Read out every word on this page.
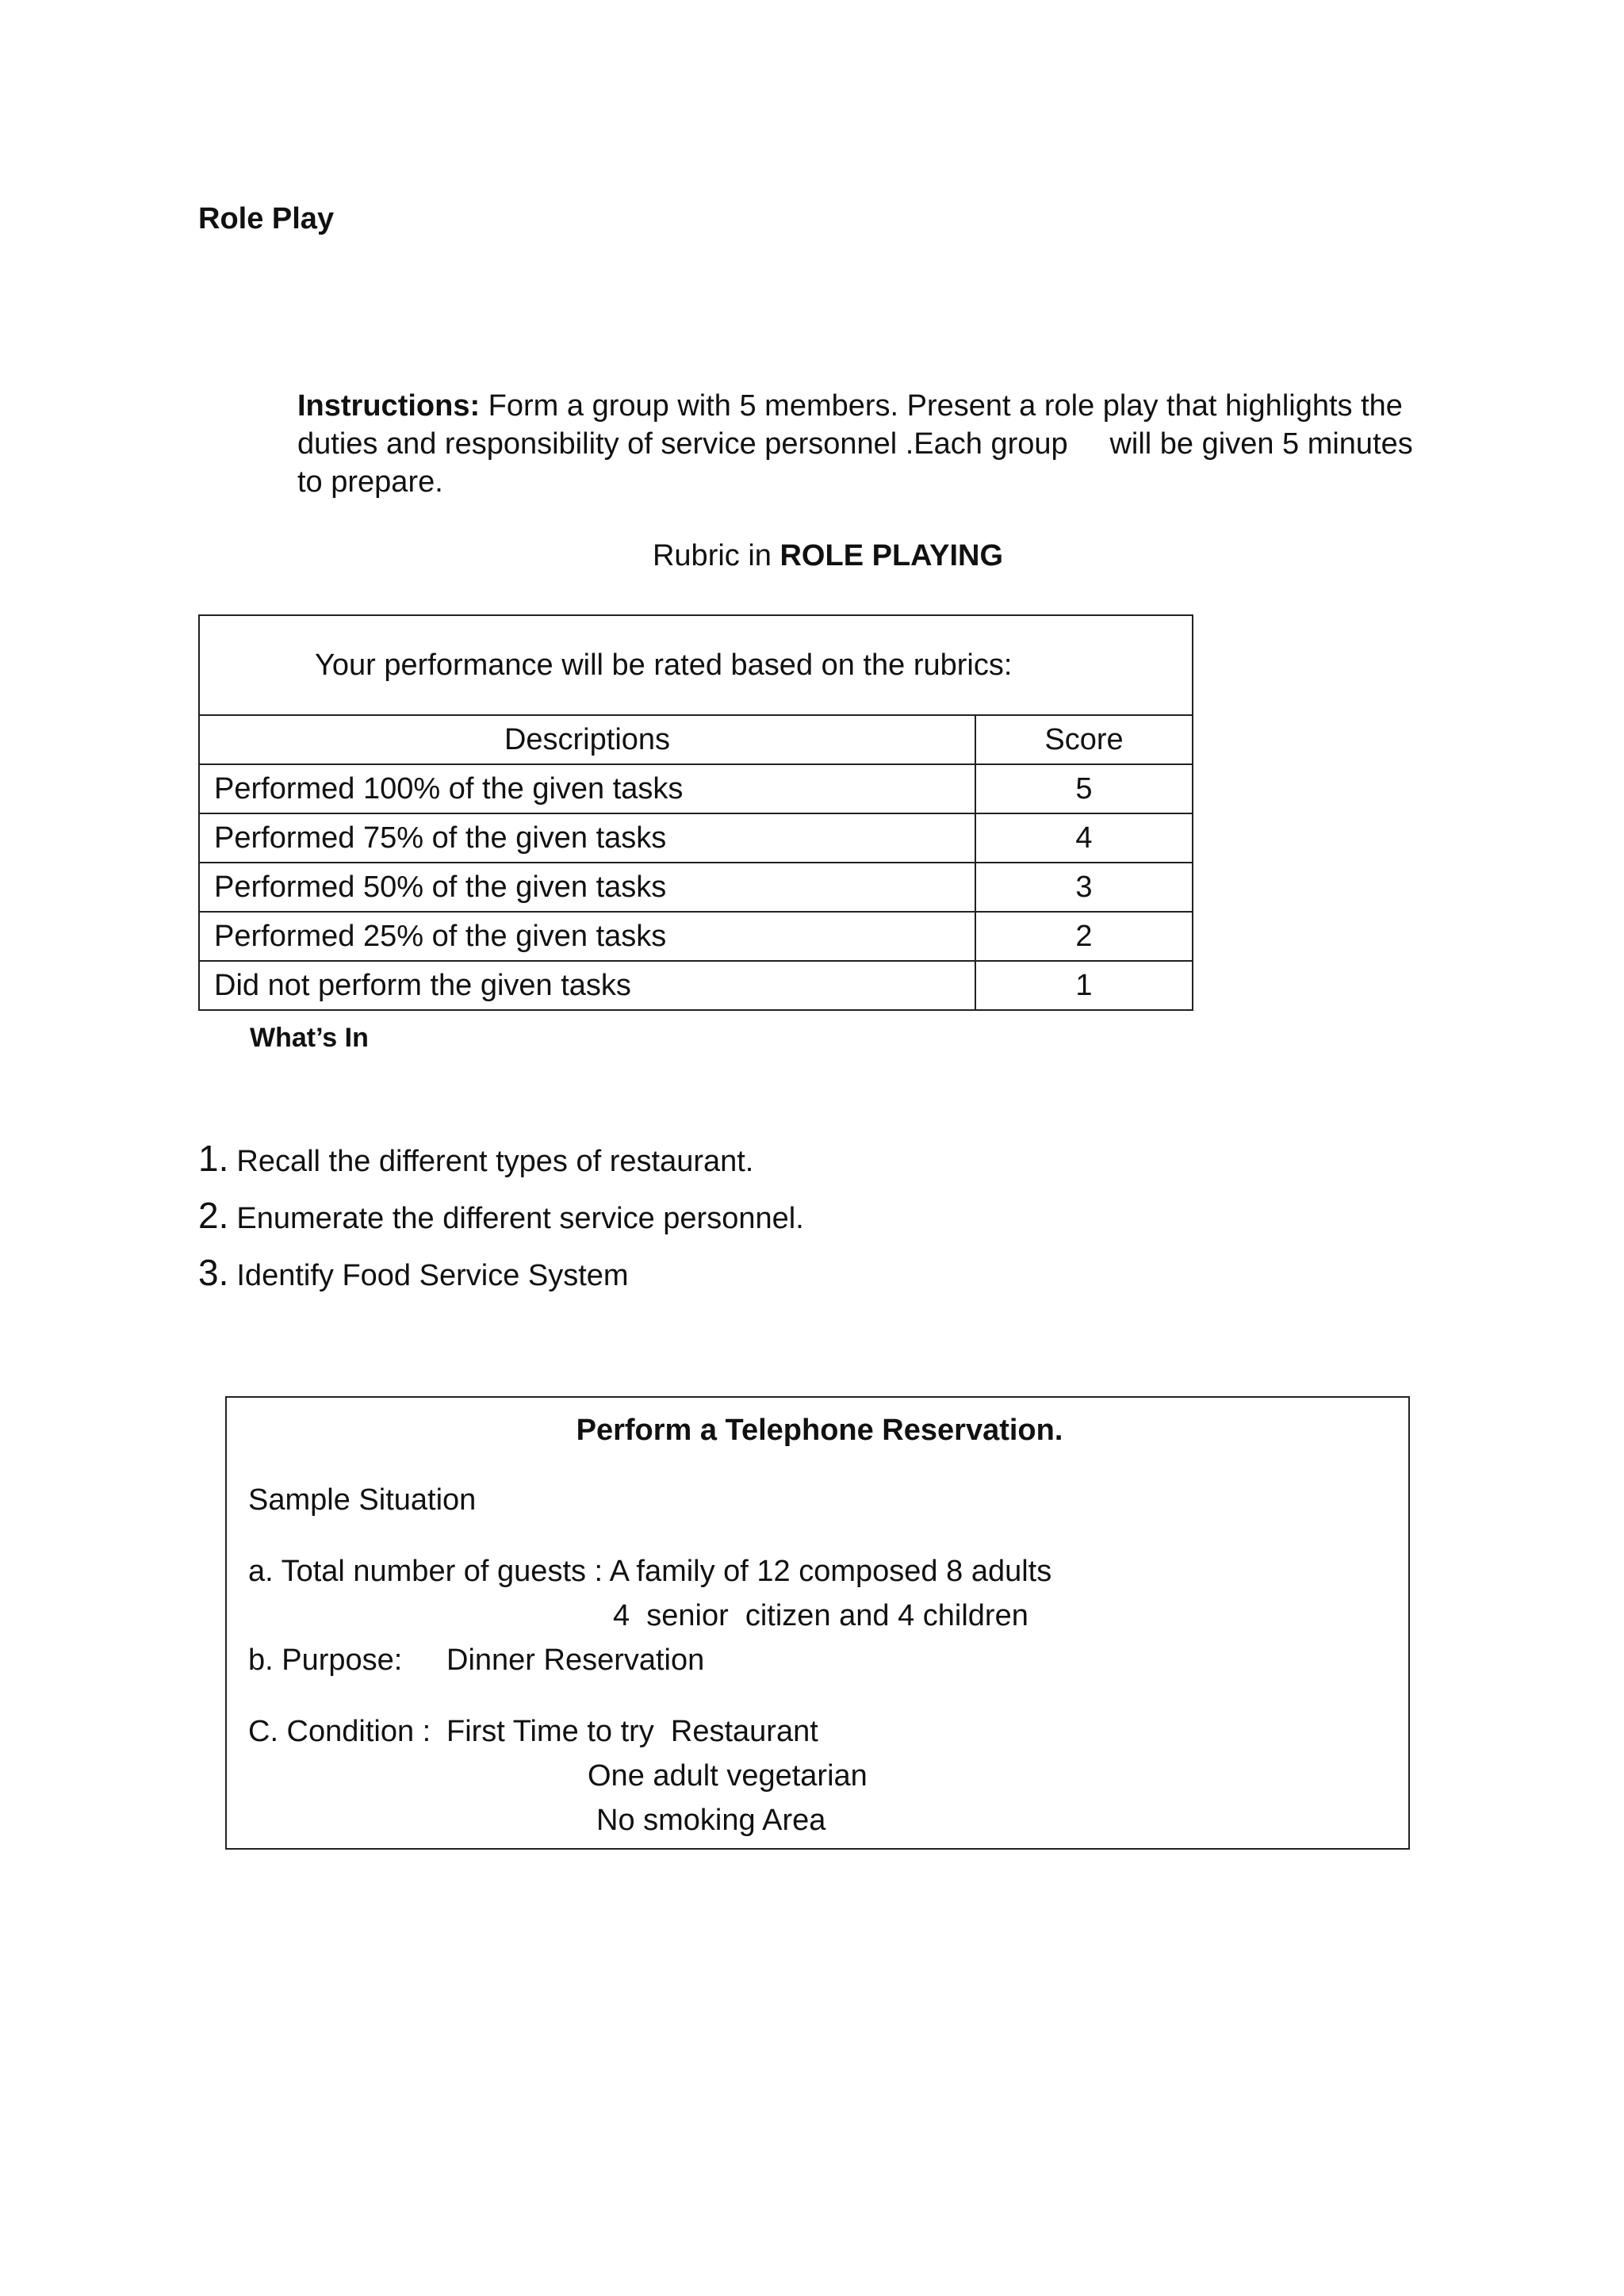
Role Play
Instructions: Form a group with 5 members. Present a role play that highlights the
duties and responsibility of service personnel .Each group     will be given 5 minutes
to prepare.
Rubric in ROLE PLAYING
Your performance will be rated based on the rubrics:	
Descriptions	Score
Performed 100% of the given tasks	5
Performed 75% of the given tasks	4
Performed 50% of the given tasks	3
Performed 25% of the given tasks	2
Did not perform the given tasks	1
What’s In
1. Recall the different types of restaurant.
2. Enumerate the different service personnel.
3. Identify Food Service System
Perform a Telephone Reservation.
Sample Situation
a. Total number of guests : A family of 12 composed 8 adults
4  senior  citizen and 4 children
b. Purpose: Dinner Reservation
C. Condition : First Time to try  Restaurant
One adult vegetarian
No smoking Area
